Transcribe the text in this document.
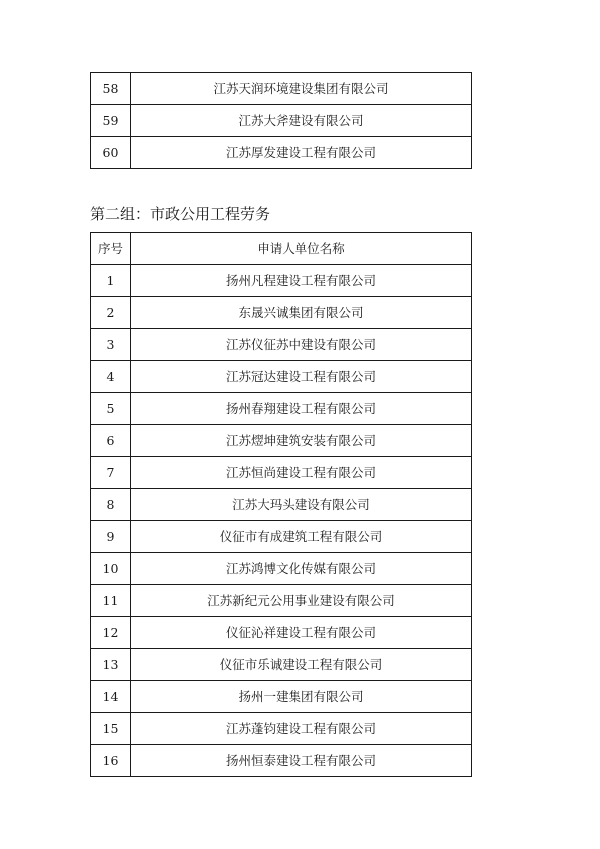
58	江苏天润环境建设集团有限公司
59	江苏大斧建设有限公司
60	江苏厚发建设工程有限公司
第二组：市政公用工程劳务
序号	申请人单位名称
1	扬州凡程建设工程有限公司
2	东晟兴诚集团有限公司
3	江苏仪征苏中建设有限公司
4	江苏冠达建设工程有限公司
5	扬州春翔建设工程有限公司
6	江苏熤坤建筑安装有限公司
7	江苏恒尚建设工程有限公司
8	江苏大玛头建设有限公司
9	仪征市有成建筑工程有限公司
10	江苏鸿博文化传媒有限公司
11	江苏新纪元公用事业建设有限公司
12	仪征沁祥建设工程有限公司
13	仪征市乐诚建设工程有限公司
14	扬州一建集团有限公司
15	江苏蓬钧建设工程有限公司
16	扬州恒泰建设工程有限公司
